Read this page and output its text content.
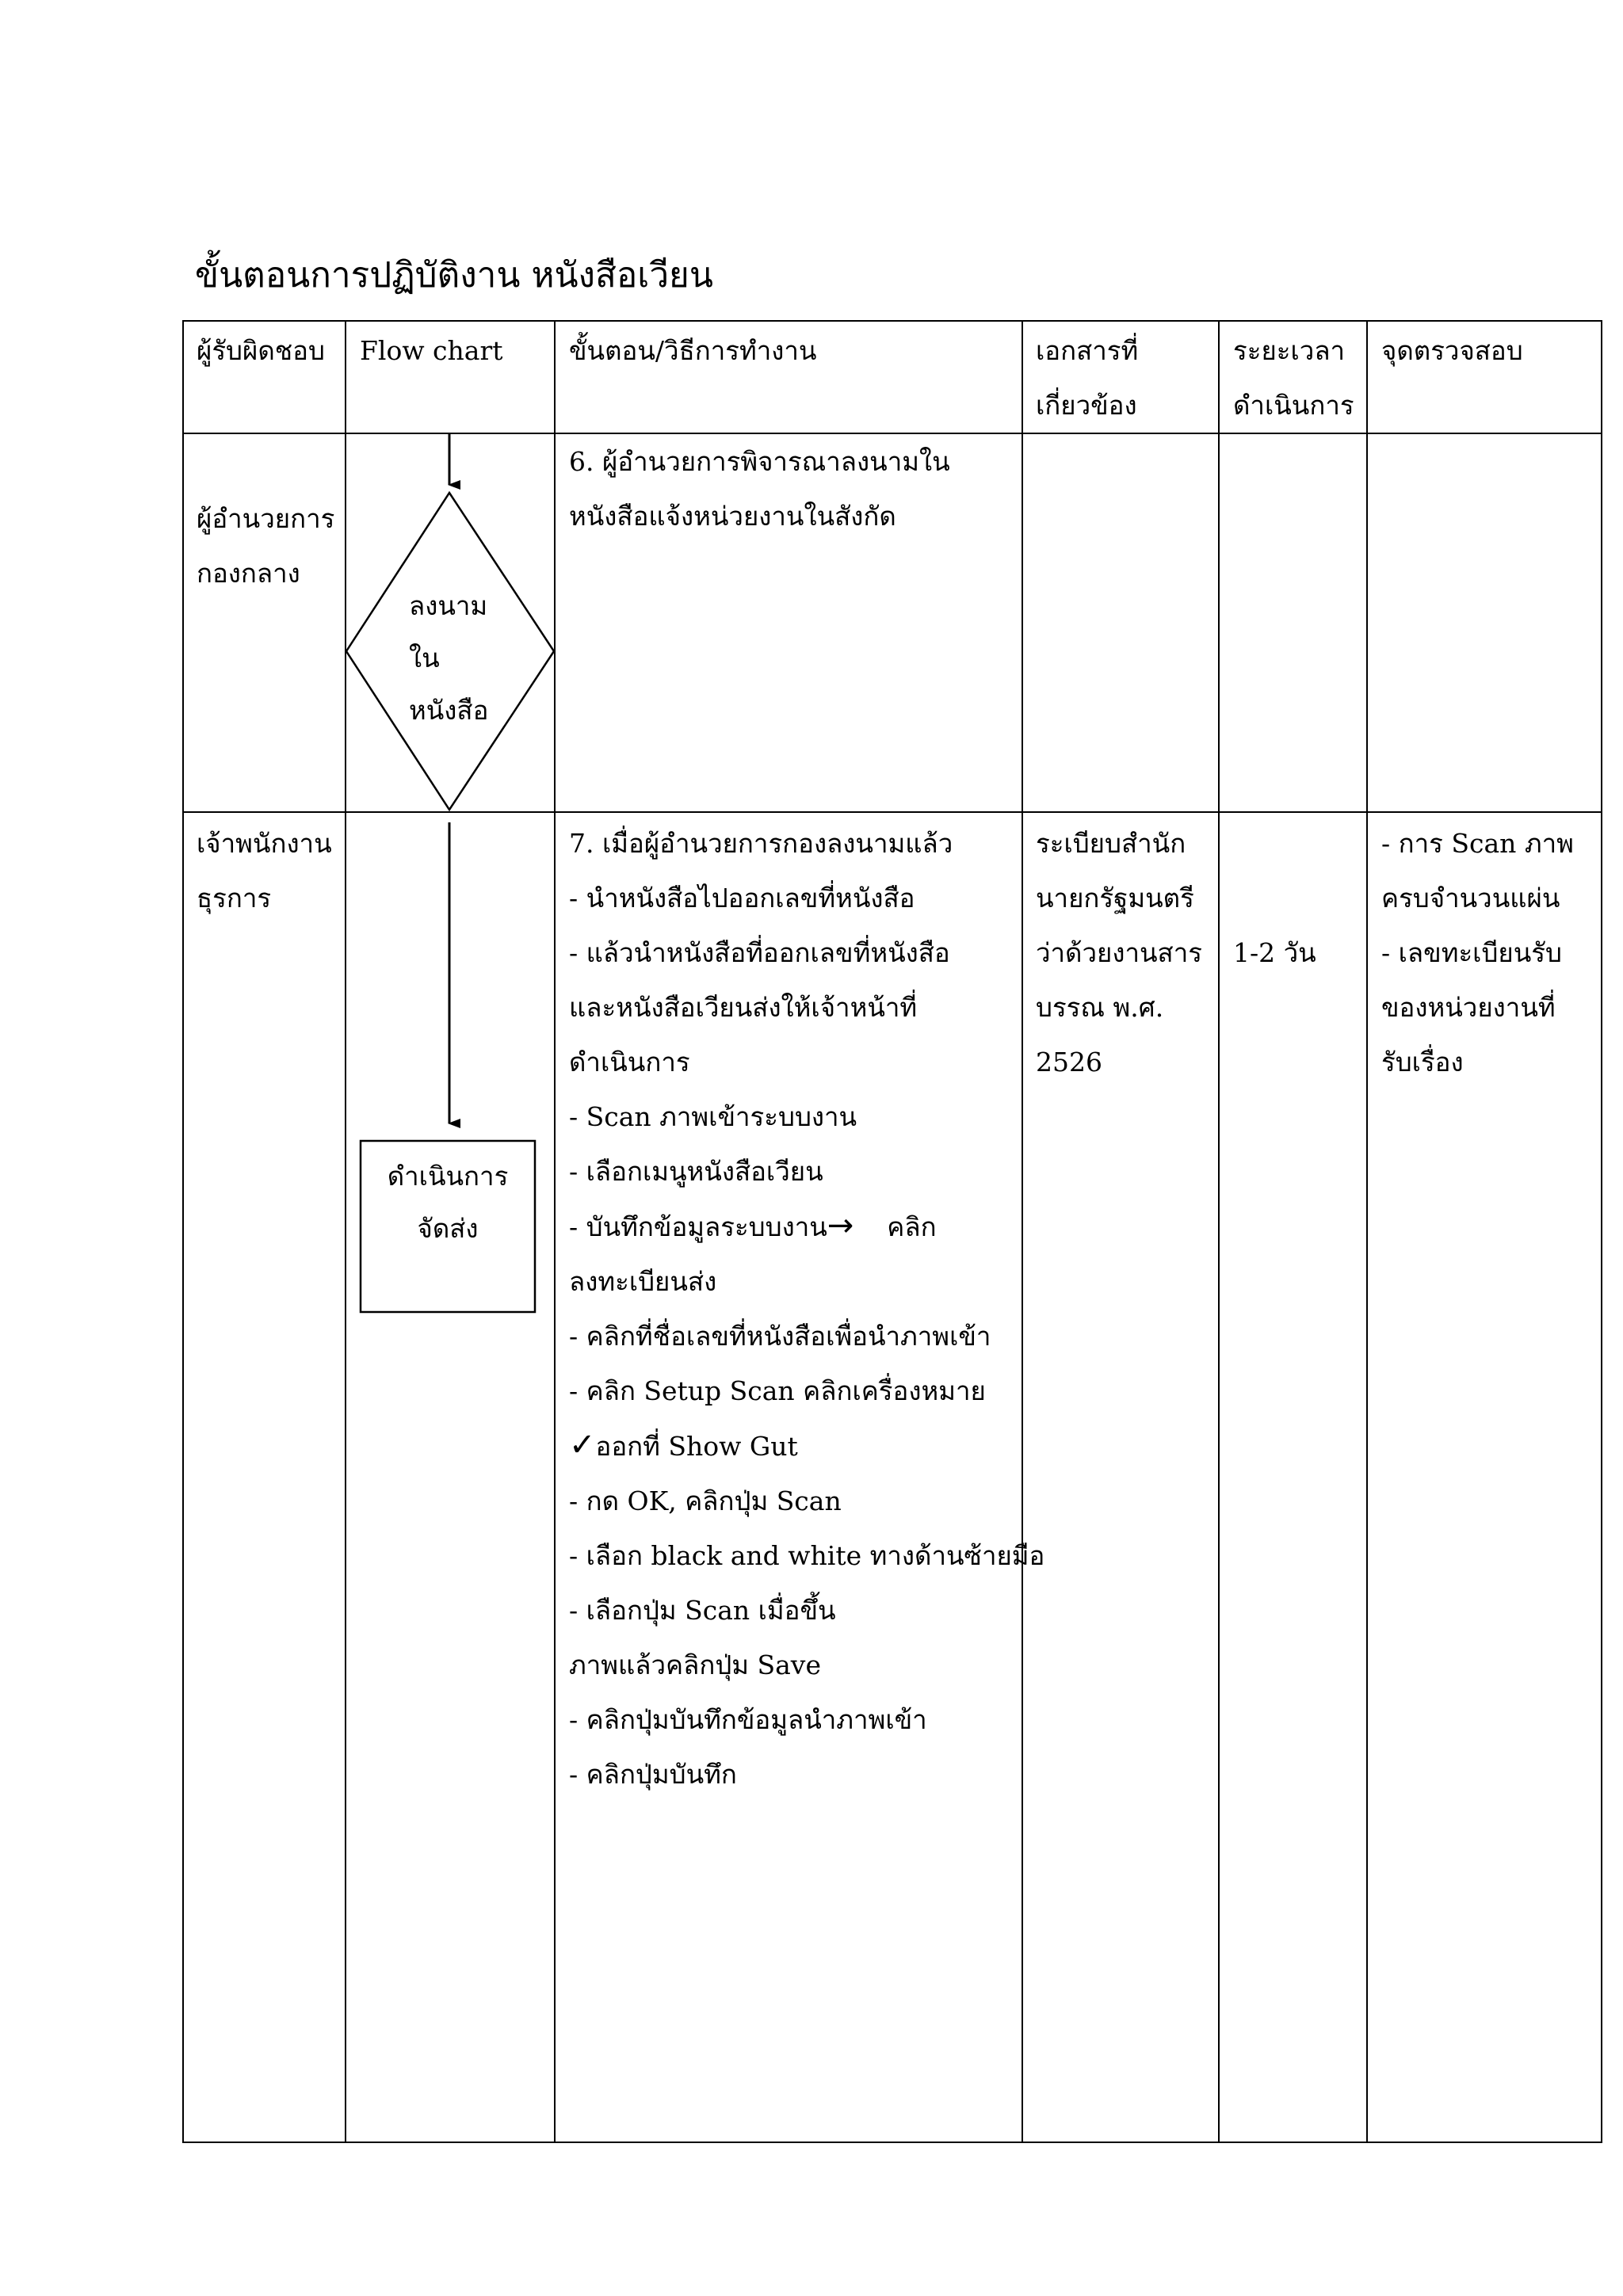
ขั้นตอนการปฏิบัติงาน หนังสือเวียน

ผู้รับผิดชอบ Flow chart	ขั้นตอน/วิธีการทำงาน	เอกสารที่

เกี่ยวข้อง

ระยะเวลา

ดำเนินการ

จุดตรวจสอบ

ผู้อำนวยการ

กองกลาง

6. ผู้อำนวยการพิจารณาลงนามใน

หนังสือแจ้งหน่วยงานในสังกัด

ลงนาม
ใน
หนังสือ
ดำเนินการ
จัดส่ง

เจ้าพนักงาน

ธุรการ

7. เมื่อผู้อำนวยการกองลงนามแล้ว

- นำหนังสือไปออกเลขที่หนังสือ

- แล้วนำหนังสือที่ออกเลขที่หนังสือ

และหนังสือเวียนส่งให้เจ้าหน้าที่

ดำเนินการ

- Scan ภาพเข้าระบบงาน

- เลือกเมนูหนังสือเวียน

- บันทึกข้อมูลระบบงาน→ คลิก

ลงทะเบียนส่ง

- คลิกที่ชื่อเลขที่หนังสือเพื่อนำภาพเข้า

- คลิก Setup Scan คลิกเครื่องหมาย

✓ออกที่ Show Gut

- กด OK, คลิกปุ่ม Scan

- เลือก black and white ทางด้านซ้ายมือ

- เลือกปุ่ม Scan เมื่อขึ้น

ภาพแล้วคลิกปุ่ม Save

- คลิกปุ่มบันทึกข้อมูลนำภาพเข้า

- คลิกปุ่มบันทึก

ระเบียบสำนัก

นายกรัฐมนตรี

ว่าด้วยงานสาร

บรรณ พ.ศ.

2526

1-2 วัน

- การ Scan ภาพ

ครบจำนวนแผ่น

- เลขทะเบียนรับ

ของหน่วยงานที่

รับเรื่อง
